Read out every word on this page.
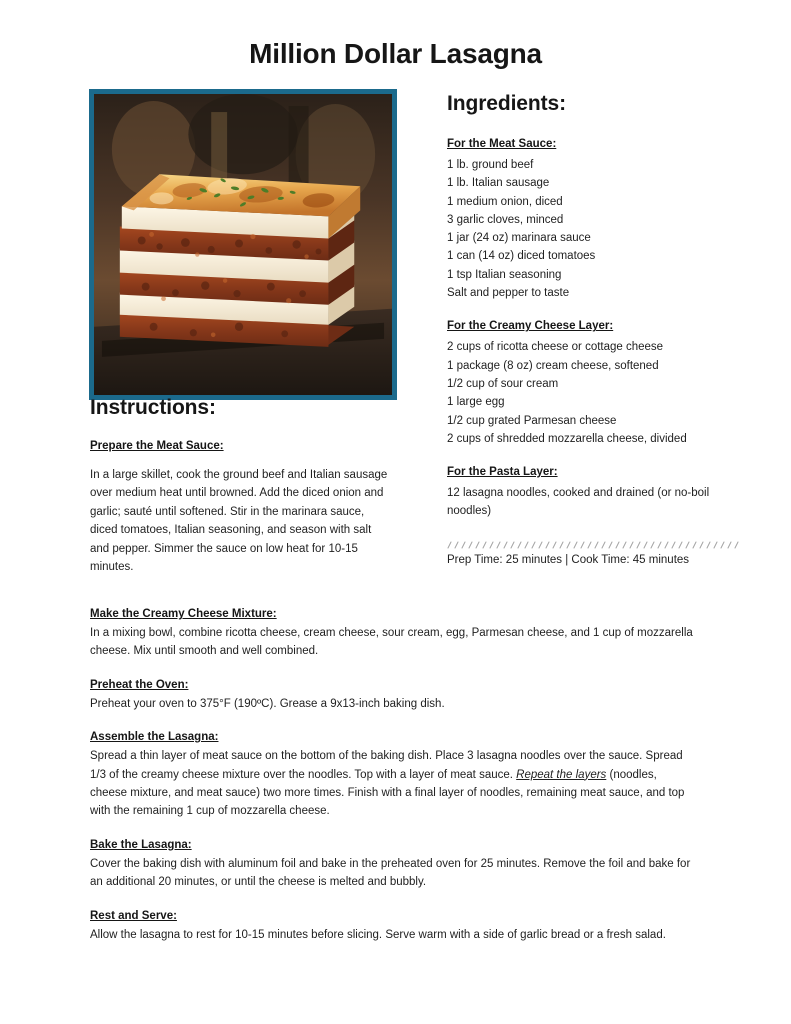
Million Dollar Lasagna
Ingredients:
For the Meat Sauce:
1 lb. ground beef
1 lb. Italian sausage
1 medium onion, diced
3 garlic cloves, minced
1 jar (24 oz) marinara sauce
1 can (14 oz) diced tomatoes
1 tsp Italian seasoning
Salt and pepper to taste
For the Creamy Cheese Layer:
2 cups of ricotta cheese or cottage cheese
1 package (8 oz) cream cheese, softened
1/2 cup of sour cream
1 large egg
1/2 cup grated Parmesan cheese
2 cups of shredded mozzarella cheese, divided
For the Pasta Layer:
12 lasagna noodles, cooked and drained (or no-boil noodles)
Prep Time: 25 minutes | Cook Time: 45 minutes
Instructions:
Prepare the Meat Sauce:
In a large skillet, cook the ground beef and Italian sausage over medium heat until browned. Add the diced onion and garlic; sauté until softened. Stir in the marinara sauce, diced tomatoes, Italian seasoning, and season with salt and pepper. Simmer the sauce on low heat for 10-15 minutes.
Make the Creamy Cheese Mixture:
In a mixing bowl, combine ricotta cheese, cream cheese, sour cream, egg, Parmesan cheese, and 1 cup of mozzarella cheese. Mix until smooth and well combined.
Preheat the Oven:
Preheat your oven to 375°F (190ºC). Grease a 9x13-inch baking dish.
Assemble the Lasagna:
Spread a thin layer of meat sauce on the bottom of the baking dish. Place 3 lasagna noodles over the sauce. Spread 1/3 of the creamy cheese mixture over the noodles. Top with a layer of meat sauce. Repeat the layers (noodles, cheese mixture, and meat sauce) two more times. Finish with a final layer of noodles, remaining meat sauce, and top with the remaining 1 cup of mozzarella cheese.
Bake the Lasagna:
Cover the baking dish with aluminum foil and bake in the preheated oven for 25 minutes. Remove the foil and bake for an additional 20 minutes, or until the cheese is melted and bubbly.
Rest and Serve:
Allow the lasagna to rest for 10-15 minutes before slicing. Serve warm with a side of garlic bread or a fresh salad.
